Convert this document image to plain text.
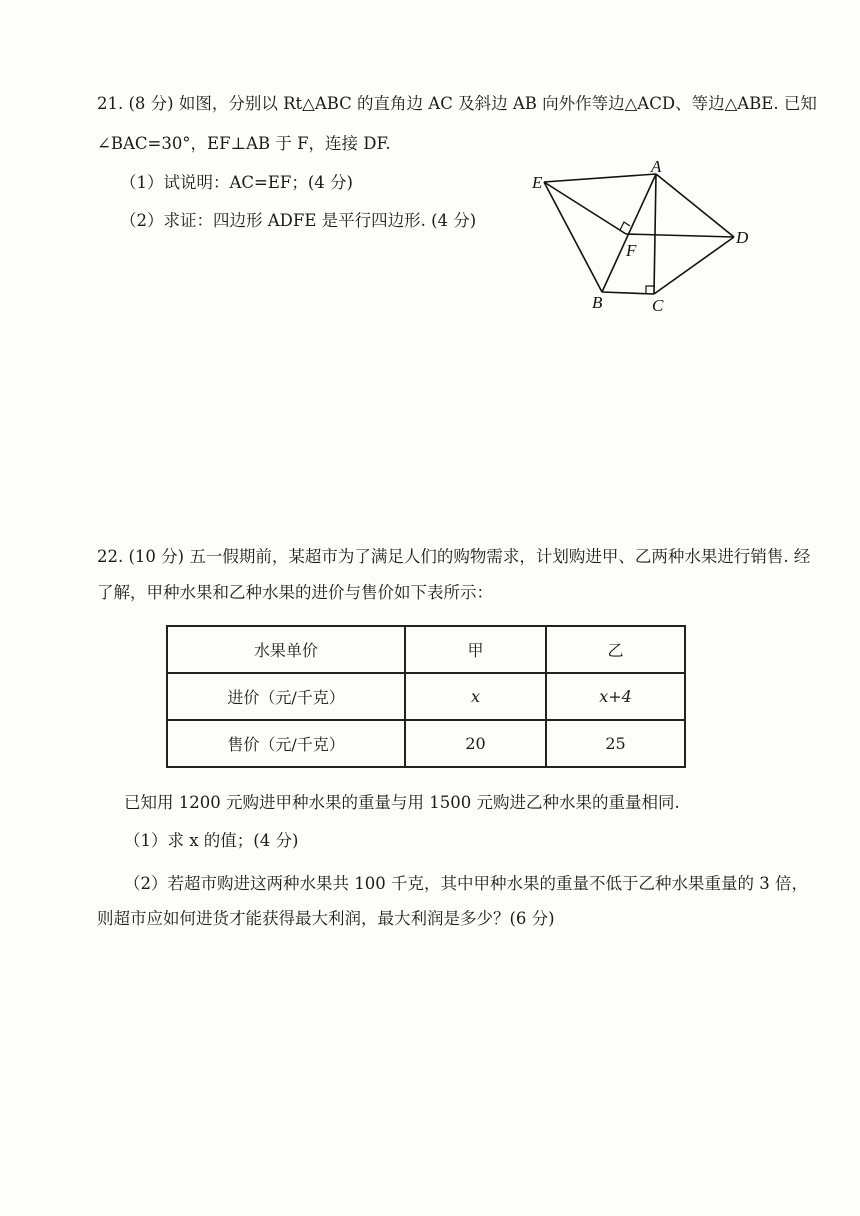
21. (8 分) 如图，分别以 Rt△ABC 的直角边 AC 及斜边 AB 向外作等边△ACD、等边△ABE. 已知
∠BAC=30°，EF⊥AB 于 F，连接 DF.
（1）试说明：AC=EF；(4 分)
（2）求证：四边形 ADFE 是平行四边形. (4 分)
E
A
F
D
B	C
22. (10 分) 五一假期前，某超市为了满足人们的购物需求，计划购进甲、乙两种水果进行销售. 经
了解，甲种水果和乙种水果的进价与售价如下表所示：
水果单价	甲	乙
进价（元/千克）	x	x+4
售价（元/千克）	20	25
已知用 1200 元购进甲种水果的重量与用 1500 元购进乙种水果的重量相同.
（1）求 x 的值；(4 分)
（2）若超市购进这两种水果共 100 千克，其中甲种水果的重量不低于乙种水果重量的 3 倍，
则超市应如何进货才能获得最大利润，最大利润是多少？(6 分)
